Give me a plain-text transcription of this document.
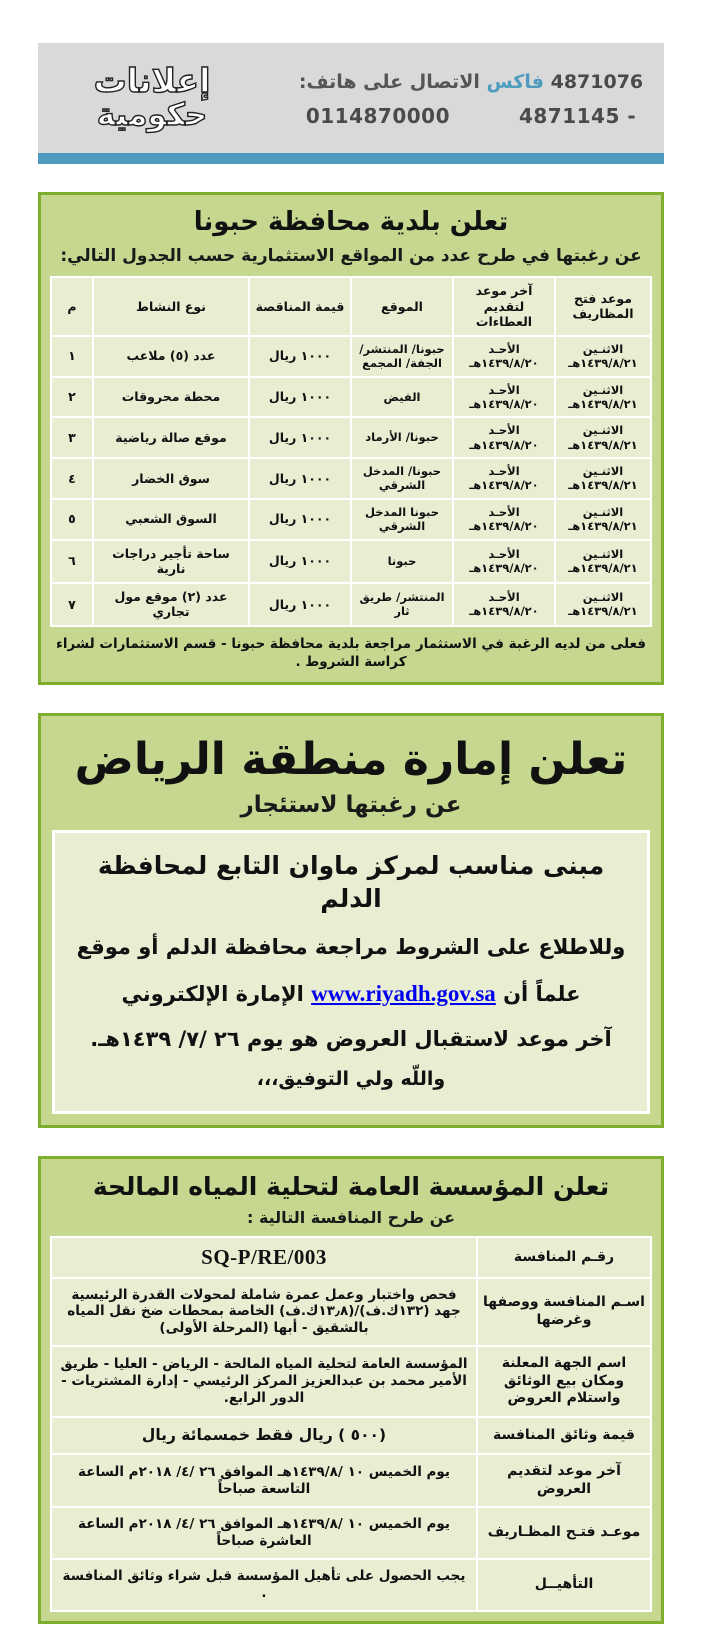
4871076 فاكس الاتصال على هاتف:
- 4871145  0114870000
إعلانات
حكومية
تعلن بلدية محافظة حبونا
عن رغبتها في طرح عدد من المواقع الاستثمارية حسب الجدول التالي:
موعد فتح المظاريف	آخر موعد لتقديم العطاءات	الموقع	قيمة المناقصة	نوع النشاط	م
الاثنـين
١٤٣٩/٨/٢١هـ	الأحـد
١٤٣٩/٨/٢٠هـ	حبونا/ المنتشر/ الجفة/ المجمع	١٠٠٠ ريال	عدد (٥) ملاعب	١
الاثنـين
١٤٣٩/٨/٢١هـ	الأحـد
١٤٣٩/٨/٢٠هـ	الفيض	١٠٠٠ ريال	محطة محروقات	٢
الاثنـين
١٤٣٩/٨/٢١هـ	الأحـد
١٤٣٩/٨/٢٠هـ	حبونا/ الأرماد	١٠٠٠ ريال	موقع صالة رياضية	٣
الاثنـين
١٤٣٩/٨/٢١هـ	الأحـد
١٤٣٩/٨/٢٠هـ	حبونا/ المدخل الشرقي	١٠٠٠ ريال	سوق الخضار	٤
الاثنـين
١٤٣٩/٨/٢١هـ	الأحـد
١٤٣٩/٨/٢٠هـ	حبونا المدخل الشرقي	١٠٠٠ ريال	السوق الشعبي	٥
الاثنـين
١٤٣٩/٨/٢١هـ	الأحـد
١٤٣٩/٨/٢٠هـ	حبونا	١٠٠٠ ريال	ساحة تأجير دراجات نارية	٦
الاثنـين
١٤٣٩/٨/٢١هـ	الأحـد
١٤٣٩/٨/٢٠هـ	المنتشر/ طريق ثار	١٠٠٠ ريال	عدد (٢) موقع مول تجاري	٧
فعلى من لديه الرغبة في الاستثمار مراجعة بلدية محافظة حبونا - قسم الاستثمارات لشراء كراسة الشروط .
تعلن إمارة منطقة الرياض
عن رغبتها لاستئجار
مبنى مناسب لمركز ماوان التابع لمحافظة الدلم
وللاطلاع على الشروط مراجعة محافظة الدلم أو موقع
علماً أن www.riyadh.gov.sa الإمارة الإلكتروني
آخر موعد لاستقبال العروض هو يوم ٢٦ /٧/ ١٤٣٩هـ.
واللّه ولي التوفيق،،،
تعلن المؤسسة العامة لتحلية المياه المالحة
عن طرح المنافسة التالية :
رقـم المنافسة	SQ-P/RE/003
اسـم المنافسة ووصفها وغرضها	فحص واختبار وعمل عمرة شاملة لمحولات القدرة الرئيسية جهد (١٣٢ك.ف)/(١٣٫٨ك.ف) الخاصة بمحطات ضخ نقل المياه بالشقيق - أبها (المرحلة الأولى)
اسم الجهة المعلنة ومكان بيع الوثائق واستلام العروض	المؤسسة العامة لتحلية المياه المالحة - الرياض - العليا - طريق الأمير محمد بن عبدالعزيز المركز الرئيسي - إدارة المشتريات - الدور الرابع.
قيمة وثائق المنافسة	(٥٠٠ ) ريال فقط خمسمائة ريال
آخر موعد لتقديم العروض	يوم الخميس ١٠ /١٤٣٩/٨هـ الموافق ٢٦ /٤/ ٢٠١٨م الساعة التاسعة صباحاً
موعـد فتـح المظـاريف	يوم الخميس ١٠ /١٤٣٩/٨هـ الموافق ٢٦ /٤/ ٢٠١٨م الساعة العاشرة صباحاً
التأهيــل	يجب الحصول على تأهيل المؤسسة قبل شراء وثائق المنافسة .
